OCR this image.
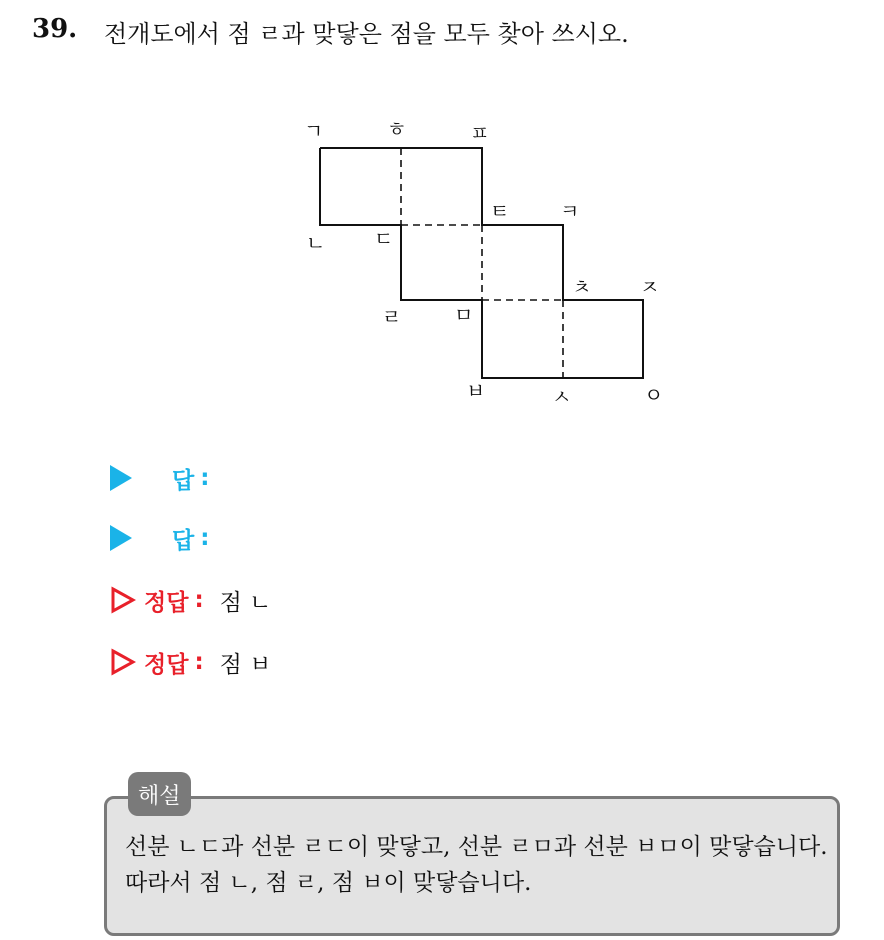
39. 전개도에서 점 ㄹ과 맞닿은 점을 모두 찾아 쓰시오.
ㄱ	ㅎ	ㅍ
ㄴ ㄷ
ㅌ	ㅋ
ㄹ	ㅁ
ㅊ ㅈ
ㅂ	ㅅ	ㅇ
답 :
답 :
정답 : 점 ㄴ
정답 : 점 ㅂ
선분 ㄴㄷ과 선분 ㄹㄷ이 맞닿고, 선분 ㄹㅁ과 선분 ㅂㅁ이 맞닿습니다. 따라서 점 ㄴ, 점 ㄹ, 점 ㅂ이 맞닿습니다.
해설
